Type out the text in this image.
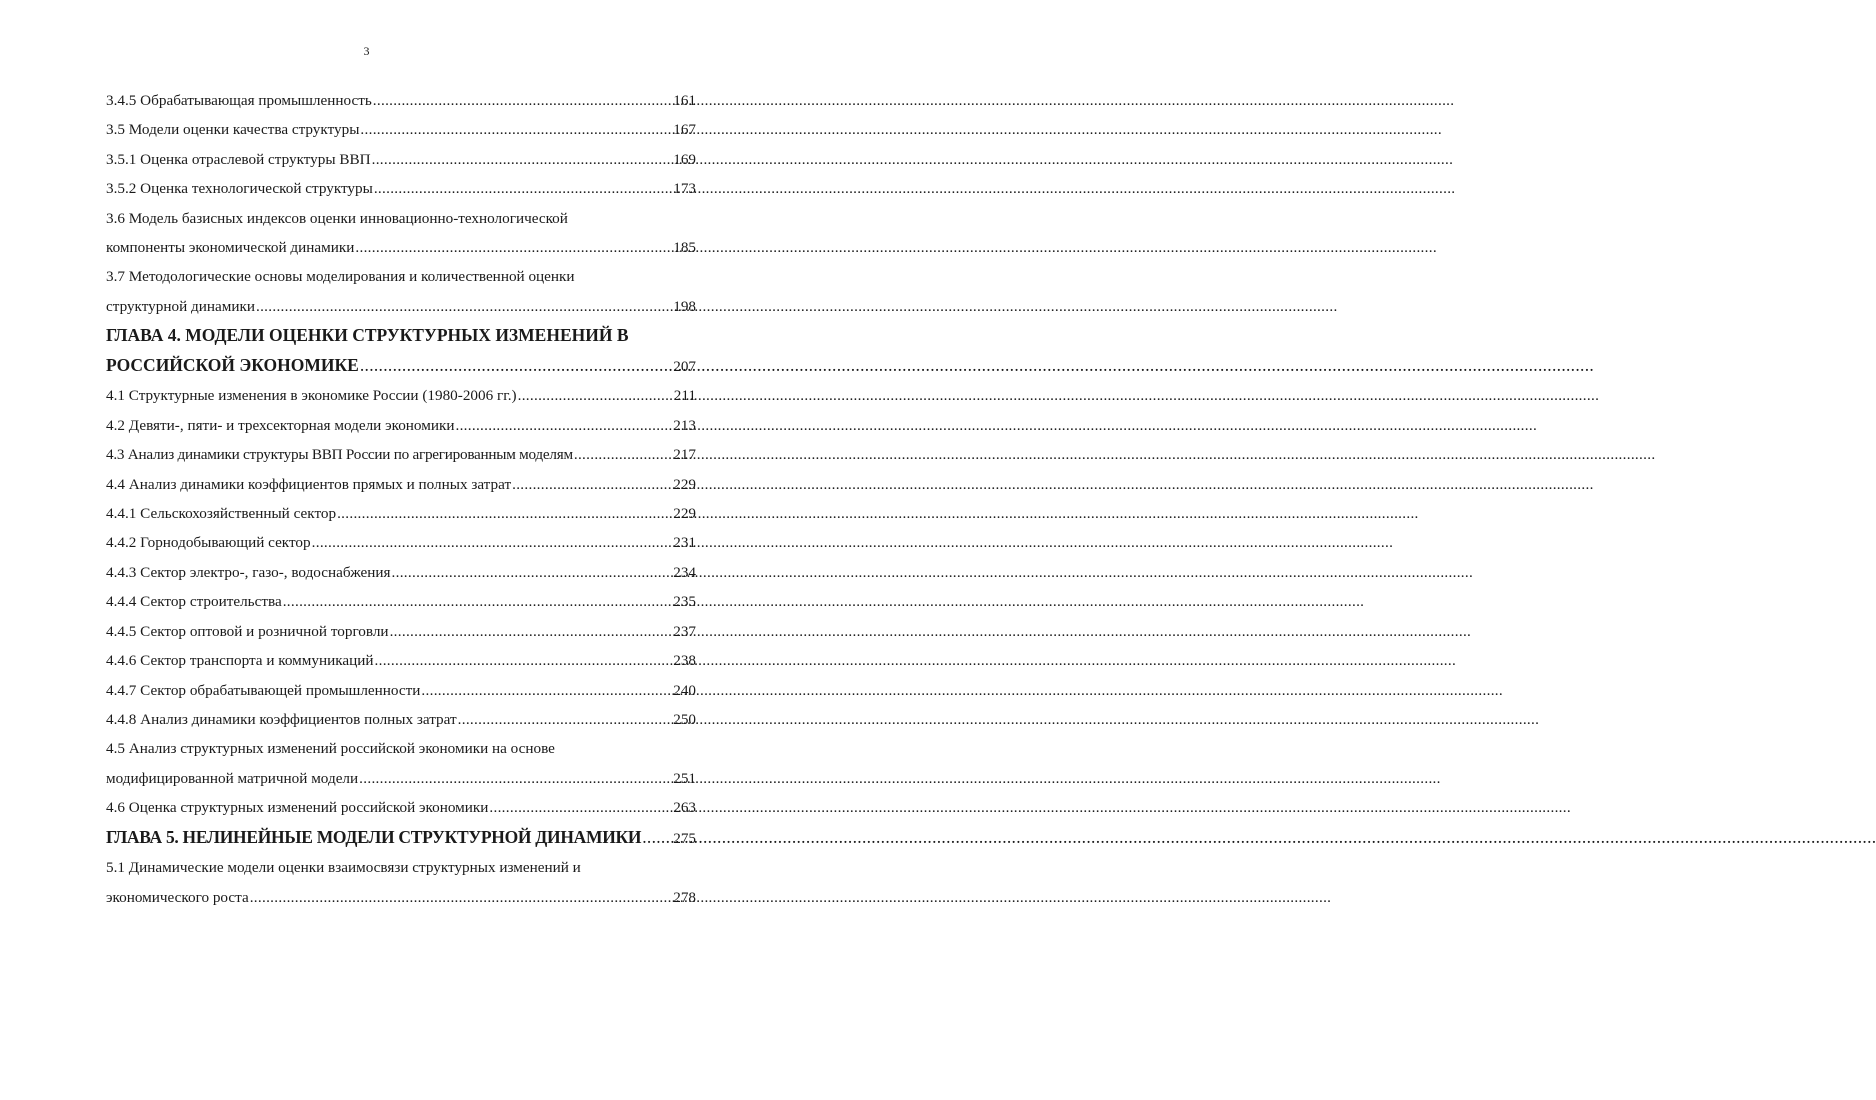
3
3.4.5 Обрабатывающая промышленность .....	161
3.5 Модели оценки качества структуры .....	167
3.5.1 Оценка отраслевой структуры ВВП .....	169
3.5.2 Оценка технологической структуры .....	173
3.6 Модель базисных индексов оценки инновационно-технологической
компоненты экономической динамики .....	185
3.7 Методологические основы моделирования и количественной оценки
структурной динамики .....	198
ГЛАВА 4. МОДЕЛИ ОЦЕНКИ СТРУКТУРНЫХ ИЗМЕНЕНИЙ В
РОССИЙСКОЙ ЭКОНОМИКЕ .....	207
4.1 Структурные изменения в экономике России (1980-2006 гг.) .....	211
4.2 Девяти-, пяти- и трехсекторная модели экономики .....	213
4.3 Анализ динамики структуры ВВП России по агрегированным моделям .....	217
4.4 Анализ динамики коэффициентов прямых и полных затрат .....	229
4.4.1 Сельскохозяйственный сектор .....	229
4.4.2 Горнодобывающий сектор .....	231
4.4.3 Сектор электро-, газо-, водоснабжения .....	234
4.4.4 Сектор строительства .....	235
4.4.5 Сектор оптовой и розничной торговли .....	237
4.4.6 Сектор транспорта и коммуникаций .....	238
4.4.7 Сектор обрабатывающей промышленности .....	240
4.4.8 Анализ динамики коэффициентов полных затрат .....	250
4.5 Анализ структурных изменений российской экономики на основе
модифицированной матричной модели .....	251
4.6 Оценка структурных изменений российской экономики .....	263
ГЛАВА 5. НЕЛИНЕЙНЫЕ МОДЕЛИ СТРУКТУРНОЙ ДИНАМИКИ ..... 275
5.1 Динамические модели оценки взаимосвязи структурных изменений и
экономического роста .....	278
